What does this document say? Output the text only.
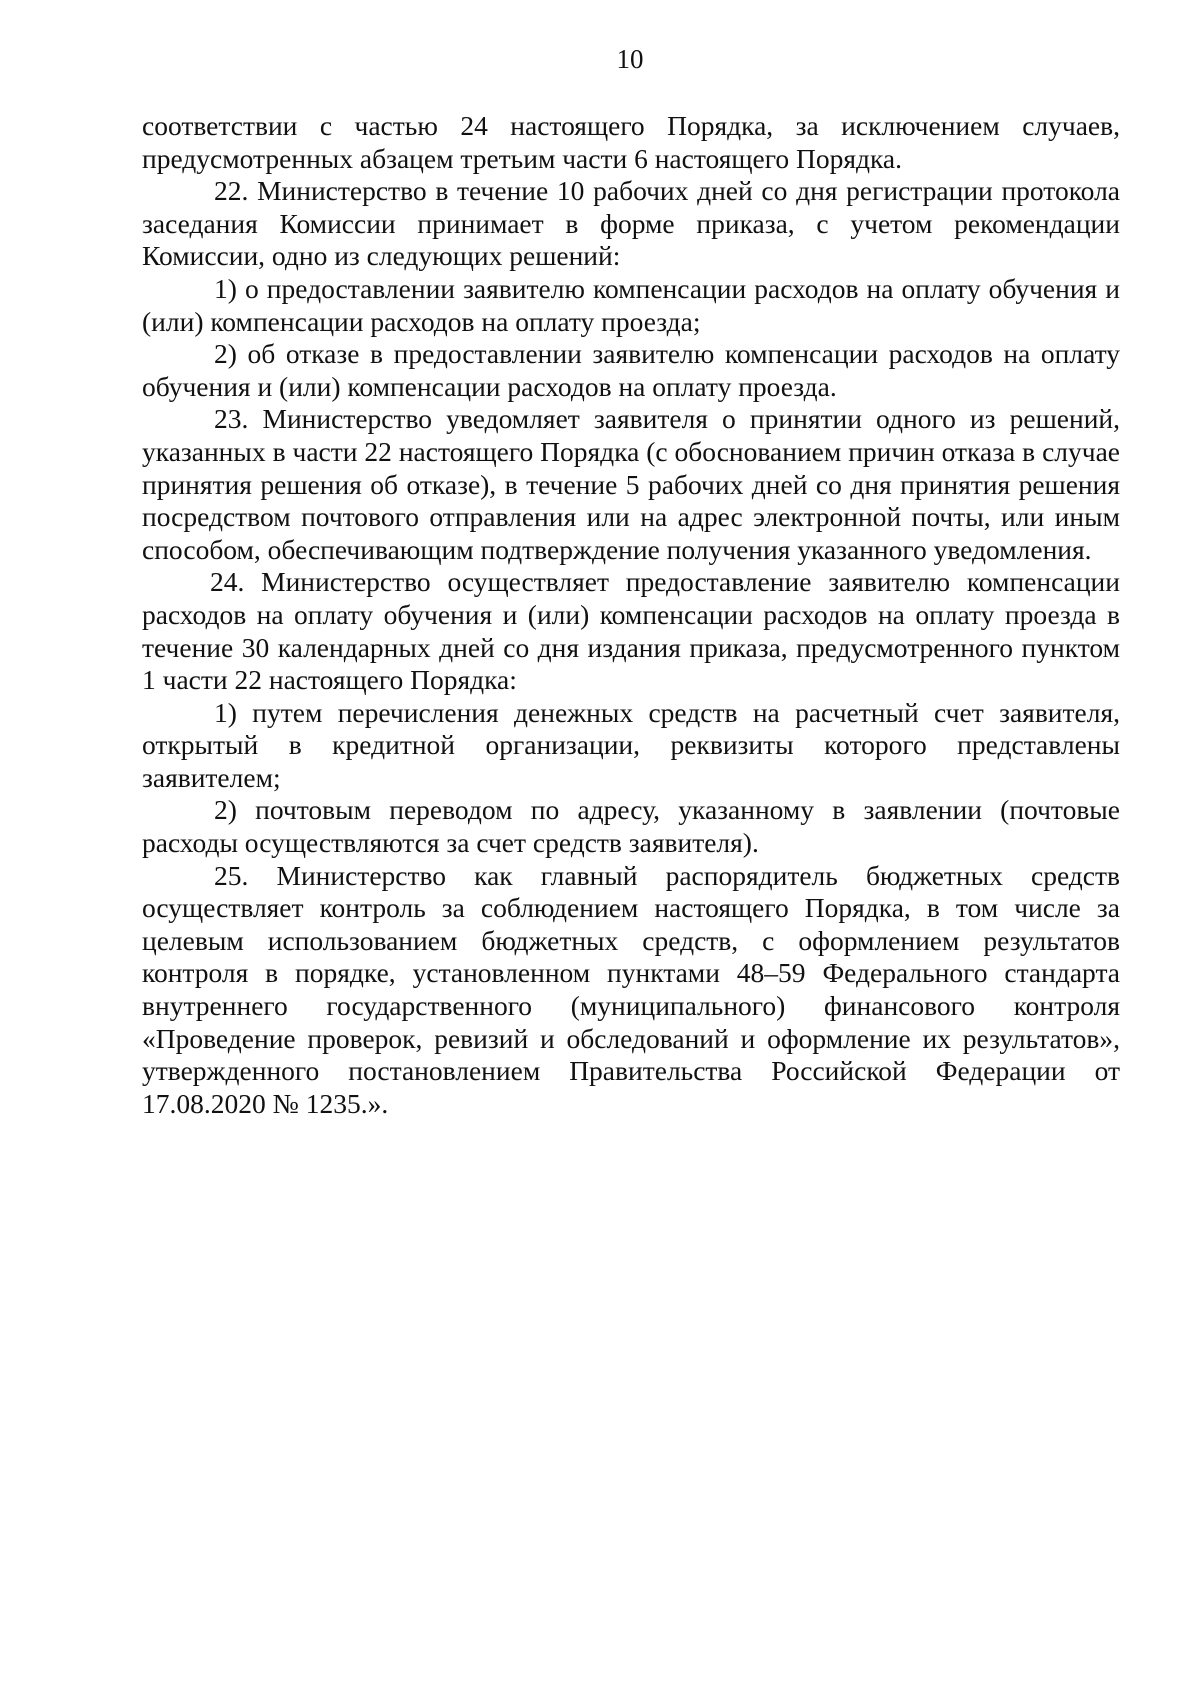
10

соответствии с частью 24 настоящего Порядка, за исключением случаев, предусмотренных абзацем третьим части 6 настоящего Порядка.

22. Министерство в течение 10 рабочих дней со дня регистрации протокола заседания Комиссии принимает в форме приказа, с учетом рекомендации Комиссии, одно из следующих решений:

1) о предоставлении заявителю компенсации расходов на оплату обучения и (или) компенсации расходов на оплату проезда;

2) об отказе в предоставлении заявителю компенсации расходов на оплату обучения и (или) компенсации расходов на оплату проезда.

23. Министерство уведомляет заявителя о принятии одного из решений, указанных в части 22 настоящего Порядка (с обоснованием причин отказа в случае принятия решения об отказе), в течение 5 рабочих дней со дня принятия решения посредством почтового отправления или на адрес электронной почты, или иным способом, обеспечивающим подтверждение получения указанного уведомления.

24. Министерство осуществляет предоставление заявителю компенсации расходов на оплату обучения и (или) компенсации расходов на оплату проезда в течение 30 календарных дней со дня издания приказа, предусмотренного пунктом 1 части 22 настоящего Порядка:

1) путем перечисления денежных средств на расчетный счет заявителя, открытый в кредитной организации, реквизиты которого представлены заявителем;

2) почтовым переводом по адресу, указанному в заявлении (почтовые расходы осуществляются за счет средств заявителя).

25. Министерство как главный распорядитель бюджетных средств осуществляет контроль за соблюдением настоящего Порядка, в том числе за целевым использованием бюджетных средств, с оформлением результатов контроля в порядке, установленном пунктами 48–59 Федерального стандарта внутреннего государственного (муниципального) финансового контроля «Проведение проверок, ревизий и обследований и оформление их результатов», утвержденного постановлением Правительства Российской Федерации от 17.08.2020 № 1235.».
